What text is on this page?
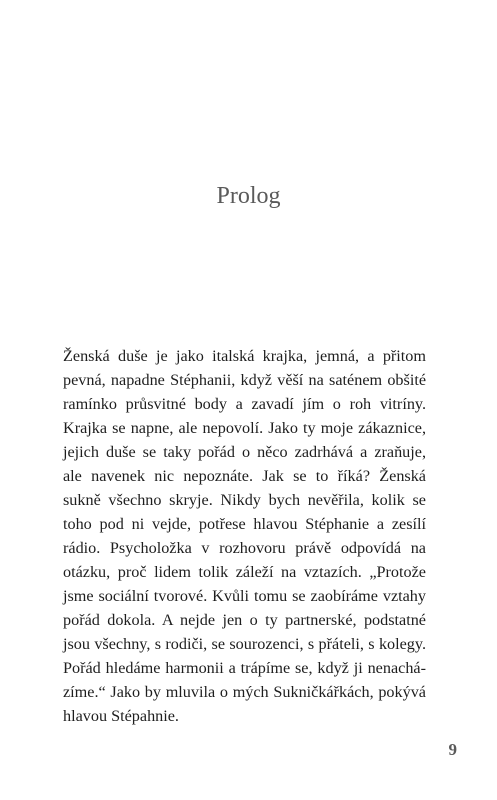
Prolog
Ženská duše je jako italská krajka, jemná, a přitom
pevná, napadne Stéphanii, když věší na saténem obšité
ramínko průsvitné body a zavadí jím o roh vitríny.
Krajka se napne, ale nepovolí. Jako ty moje zákaznice,
jejich duše se taky pořád o něco zadrhává a zraňuje,
ale navenek nic nepoznáte. Jak se to říká? Ženská
sukně všechno skryje. Nikdy bych nevěřila, kolik se
toho pod ni vejde, potřese hlavou Stéphanie a zesílí
rádio. Psycholožka v rozhovoru právě odpovídá na
otázku, proč lidem tolik záleží na vztazích. „Protože
jsme sociální tvorové. Kvůli tomu se zaobíráme vztahy
pořád dokola. A nejde jen o ty partnerské, podstatné
jsou všechny, s rodiči, se sourozenci, s přáteli, s kolegy.
Pořád hledáme harmonii a trápíme se, když ji nenachá-
zíme.“ Jako by mluvila o mých Sukničkářkách, pokývá
hlavou Stépahnie.
9
